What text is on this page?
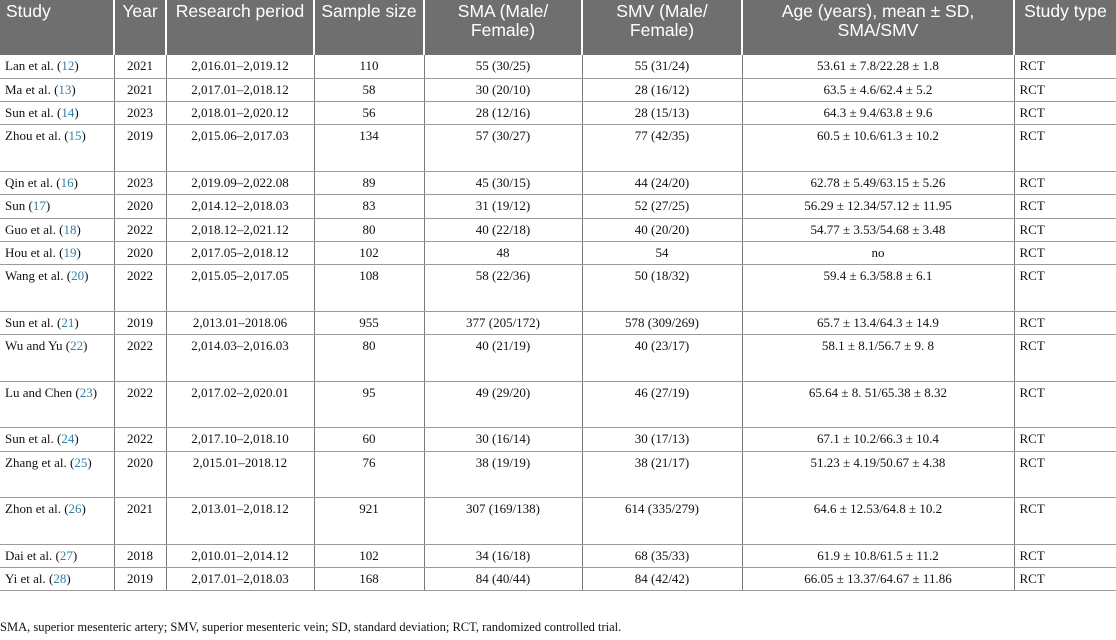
Study	Year	Research period	Sample size	SMA (Male/ Female)	SMV (Male/ Female)	Age (years), mean ± SD, SMA/SMV	Study type
Lan et al. (12)	2021	2,016.01–2,019.12	110	55 (30/25)	55 (31/24)	53.61 ± 7.8/22.28 ± 1.8	RCT
Ma et al. (13)	2021	2,017.01–2,018.12	58	30 (20/10)	28 (16/12)	63.5 ± 4.6/62.4 ± 5.2	RCT
Sun et al. (14)	2023	2,018.01–2,020.12	56	28 (12/16)	28 (15/13)	64.3 ± 9.4/63.8 ± 9.6	RCT
Zhou et al. (15)	2019	2,015.06–2,017.03	134	57 (30/27)	77 (42/35)	60.5 ± 10.6/61.3 ± 10.2	RCT
Qin et al. (16)	2023	2,019.09–2,022.08	89	45 (30/15)	44 (24/20)	62.78 ± 5.49/63.15 ± 5.26	RCT
Sun (17)	2020	2,014.12–2,018.03	83	31 (19/12)	52 (27/25)	56.29 ± 12.34/57.12 ± 11.95	RCT
Guo et al. (18)	2022	2,018.12–2,021.12	80	40 (22/18)	40 (20/20)	54.77 ± 3.53/54.68 ± 3.48	RCT
Hou et al. (19)	2020	2,017.05–2,018.12	102	48	54	no	RCT
Wang et al. (20)	2022	2,015.05–2,017.05	108	58 (22/36)	50 (18/32)	59.4 ± 6.3/58.8 ± 6.1	RCT
Sun et al. (21)	2019	2,013.01–2018.06	955	377 (205/172)	578 (309/269)	65.7 ± 13.4/64.3 ± 14.9	RCT
Wu and Yu (22)	2022	2,014.03–2,016.03	80	40 (21/19)	40 (23/17)	58.1 ± 8.1/56.7 ± 9. 8	RCT
Lu and Chen (23)	2022	2,017.02–2,020.01	95	49 (29/20)	46 (27/19)	65.64 ± 8. 51/65.38 ± 8.32	RCT
Sun et al. (24)	2022	2,017.10–2,018.10	60	30 (16/14)	30 (17/13)	67.1 ± 10.2/66.3 ± 10.4	RCT
Zhang et al. (25)	2020	2,015.01–2018.12	76	38 (19/19)	38 (21/17)	51.23 ± 4.19/50.67 ± 4.38	RCT
Zhon et al. (26)	2021	2,013.01–2,018.12	921	307 (169/138)	614 (335/279)	64.6 ± 12.53/64.8 ± 10.2	RCT
Dai et al. (27)	2018	2,010.01–2,014.12	102	34 (16/18)	68 (35/33)	61.9 ± 10.8/61.5 ± 11.2	RCT
Yi et al. (28)	2019	2,017.01–2,018.03	168	84 (40/44)	84 (42/42)	66.05 ± 13.37/64.67 ± 11.86	RCT
SMA, superior mesenteric artery; SMV, superior mesenteric vein; SD, standard deviation; RCT, randomized controlled trial.
